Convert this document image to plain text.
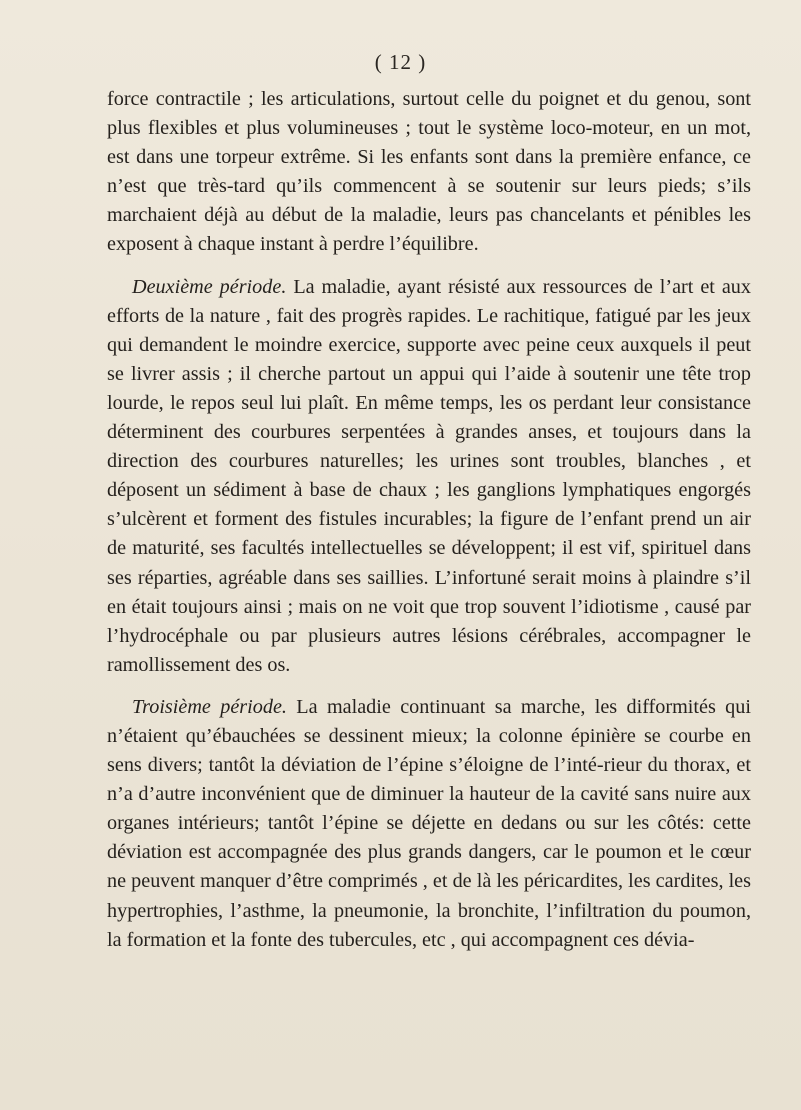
( 12 )

force contractile ; les articulations, surtout celle du poignet et du genou, sont plus flexibles et plus volumineuses ; tout le système loco-moteur, en un mot, est dans une torpeur extrême. Si les enfants sont dans la première enfance, ce n’est que très-tard qu’ils commencent à se soutenir sur leurs pieds; s’ils marchaient déjà au début de la maladie, leurs pas chancelants et pénibles les exposent à chaque instant à perdre l’équilibre.

Deuxième période. La maladie, ayant résisté aux ressources de l’art et aux efforts de la nature , fait des progrès rapides. Le rachitique, fatigué par les jeux qui demandent le moindre exercice, supporte avec peine ceux auxquels il peut se livrer assis ; il cherche partout un appui qui l’aide à soutenir une tête trop lourde, le repos seul lui plaît. En même temps, les os perdant leur consistance déterminent des courbures serpentées à grandes anses, et toujours dans la direction des courbures naturelles; les urines sont troubles, blanches , et déposent un sédiment à base de chaux ; les ganglions lymphatiques engorgés s’ulcèrent et forment des fistules incurables; la figure de l’enfant prend un air de maturité, ses facultés intellectuelles se développent; il est vif, spirituel dans ses réparties, agréable dans ses saillies. L’infortuné serait moins à plaindre s’il en était toujours ainsi ; mais on ne voit que trop souvent l’idiotisme , causé par l’hydrocéphale ou par plusieurs autres lésions cérébrales, accompagner le ramollissement des os.

Troisième période. La maladie continuant sa marche, les difformités qui n’étaient qu’ébauchées se dessinent mieux; la colonne épinière se courbe en sens divers; tantôt la déviation de l’épine s’éloigne de l’inté-rieur du thorax, et n’a d’autre inconvénient que de diminuer la hauteur de la cavité sans nuire aux organes intérieurs; tantôt l’épine se déjette en dedans ou sur les côtés: cette déviation est accompagnée des plus grands dangers, car le poumon et le cœur ne peuvent manquer d’être comprimés , et de là les péricardites, les cardites, les hypertrophies, l’asthme, la pneumonie, la bronchite, l’infiltration du poumon, la formation et la fonte des tubercules, etc , qui accompagnent ces dévia-
